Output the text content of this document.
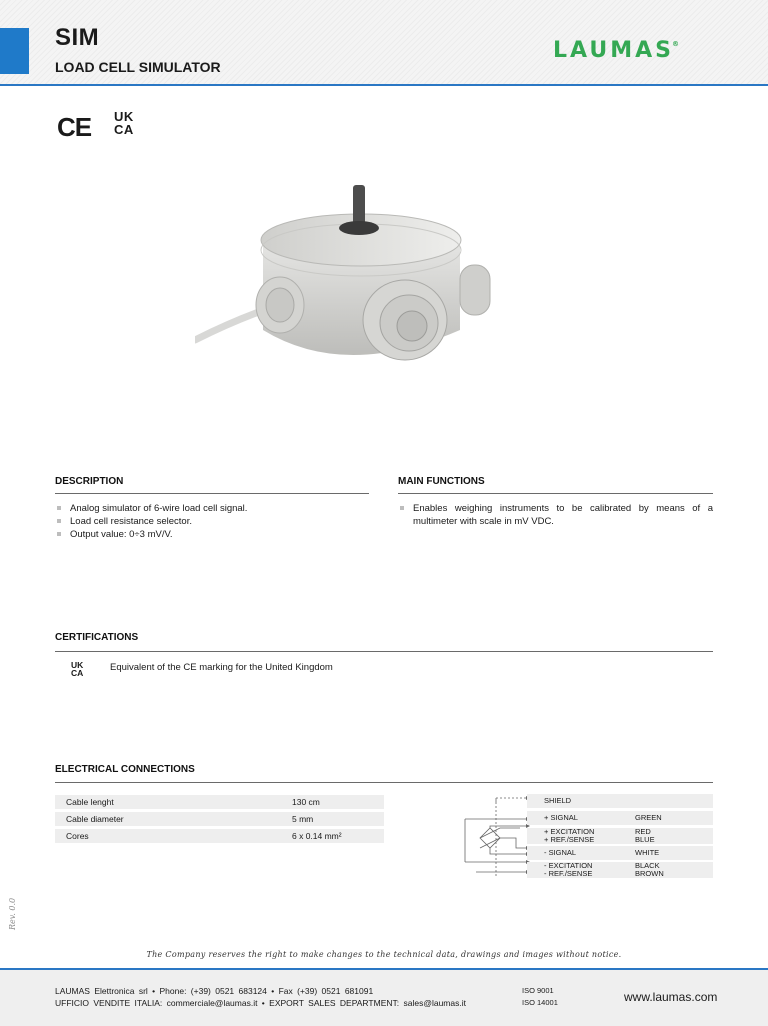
SIM
LOAD CELL SIMULATOR
LAUMAS®
CE UK
CA
DESCRIPTION
Analog simulator of 6-wire load cell signal.
Load cell resistance selector.
Output value: 0÷3 mV/V.
MAIN FUNCTIONS
Enables weighing instruments to be calibrated by means of a multimeter with scale in mV VDC.
CERTIFICATIONS
UK
CA	Equivalent of the CE marking for the United Kingdom
ELECTRICAL CONNECTIONS
Cable lenght	130 cm
Cable diameter	5 mm
Cores	6 x 0.14 mm²
SHIELD
+ SIGNAL	GREEN
+ EXCITATION	RED
+ REF./SENSE	BLUE
- SIGNAL	WHITE
- EXCITATION	BLACK
- REF./SENSE	BROWN
Rev. 0.0
The Company reserves the right to make changes to the technical data, drawings and images without notice.
LAUMAS Elettronica srl • Phone: (+39) 0521 683124 • Fax (+39) 0521 681091
UFFICIO VENDITE ITALIA: commerciale@laumas.it • EXPORT SALES DEPARTMENT: sales@laumas.it
ISO 9001
ISO 14001	www.laumas.com
